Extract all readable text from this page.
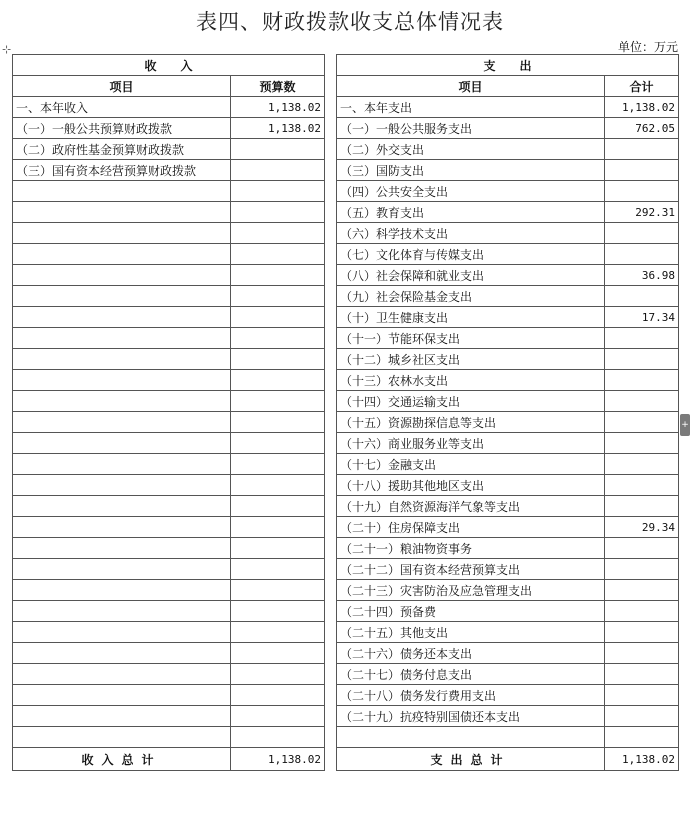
表四、财政拨款收支总体情况表
⊹	单位：万元
+
收　　入			支　　出	
项目	预算数		项目	合计
一、本年收入	1,138.02		一、本年支出	1,138.02
（一）一般公共预算财政拨款	1,138.02		（一）一般公共服务支出	762.05
（二）政府性基金预算财政拨款			（二）外交支出	
（三）国有资本经营预算财政拨款			（三）国防支出	
			（四）公共安全支出	
			（五）教育支出	292.31
			（六）科学技术支出	
			（七）文化体育与传媒支出	
			（八）社会保障和就业支出	36.98
			（九）社会保险基金支出	
			（十）卫生健康支出	17.34
			（十一）节能环保支出	
			（十二）城乡社区支出	
			（十三）农林水支出	
			（十四）交通运输支出	
			（十五）资源勘探信息等支出	
			（十六）商业服务业等支出	
			（十七）金融支出	
			（十八）援助其他地区支出	
			（十九）自然资源海洋气象等支出	
			（二十）住房保障支出	29.34
			（二十一）粮油物资事务	
			（二十二）国有资本经营预算支出	
			（二十三）灾害防治及应急管理支出	
			（二十四）预备费	
			（二十五）其他支出	
			（二十六）债务还本支出	
			（二十七）债务付息支出	
			（二十八）债务发行费用支出	
			（二十九）抗疫特别国债还本支出	

收入总计	1,138.02		支出总计	1,138.02
